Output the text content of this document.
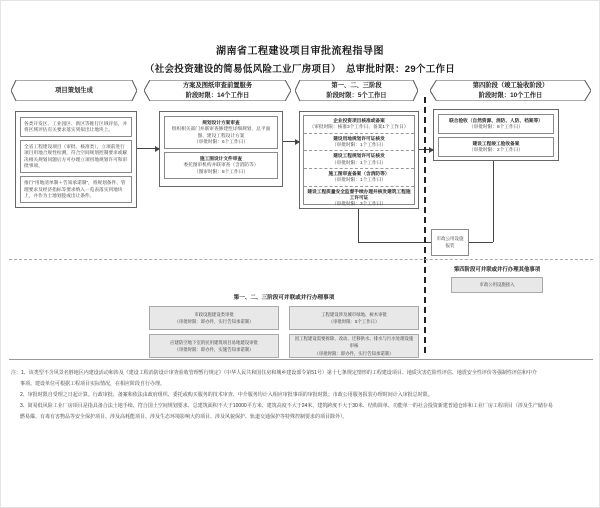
湖南省工程建设项目审批流程指导图
（社会投资建设的简易低风险工业厂房项目）　总审批时限：29个工作日
项目策划生成
方案及图纸审查前置服务
阶段时限：14个工作日
第一、二、三阶段
阶段时限：5个工作日
第四阶段（竣工验收阶段）
阶段时限：10个工作日
各类开发区、工业园区、新区等推行区域评估，并将区域评估有关要求落实到拟出让地块上。
全省工程建设项目（审批、核准类），立项前进行项目用地合规性检测，符合空间规划控制要求或解决相关规划问题后方可办理立项用地规划许可和审批事项。
推行“用地清单制＋告知承诺制”，将规划条件、管理要求及经济指标等要求纳入一览表落实到地块上，并作为土地划拨或出让条件。
规划设计方案审查
组织相关部门并联审查修建性详细规划、总平面图、建设工程设计方案
（审批时限：6个工作日）
施工图设计文件审查
委托图审机构并联审查（含消防等）
（图审时限：8个工作日）
企业投资项目核准或备案
（审批时限：核准3个工作日、备案1个工作日）
建设用地规划许可证核发
（审批时限：1个工作日）
建设工程规划许可证核发
（审批时限：1个工作日）
施工图审查备案（含消防等）
（审批时限：1个工作日）
建设工程质量安全监督手续办理并核发建筑工程施工许可证
（审批时限：3个工作日）
联合验收（自然资源、消防、人防、档案等）
（审批时限：8个工作日）
建设工程竣工验收备案
（审批时限：2个工作日）
市政公用设施
报装
第四阶段可并联或并行办理其他事项
市政公用设施接入
第一、二、三阶段可并联或并行办理事项
市政设施建设类审批
（审批时限：即办件，实行告知承诺制）
工程建设涉及城市绿地、树木审批
（审批时限：5个工作日）
应建防空地下室的民用建筑项目易地建设审批
（审批时限：即办件，实施告知承诺制）
因工程建设需要拆除、改动、迁移供水、排水与污水处理设施审核
（审批时限：即办件，实行告知承诺制）
注：1、该类型不含风景名胜地区内建设活动和涉及《建设工程消防设计审查验收管理暂行规定》（中华人民共和国住房和城乡建设部令第51号）第十七条规定情形的工程建设项目、地质灾害危险性评估、地震安全性评价等强制性评估和中介
事项。建设单位可根据工程项目实际情况，在相应阶段自行办理。
2、审批时限自受理之日起计算。行政审批、备案和依法由政府组织、委托或购买服务的技术审查、中介服务均计入相应审批事项的审批时限；市政公用服务报装办理时间计入审批总时限。
3、简易低风险工业厂房项目是指具备合法土地手续、符合国土空间规划要求、总建筑面积不大于10000平方米、建筑高度不大于24米、建筑跨度不大于30米、结构简单、功能单一的社会投资新建普通仓库和工业厂房工程项目（涉及生产储存易
燃易爆、有毒有害物品等安全保护项目、涉及高耗能项目、涉及生态环境影响大的项目、涉及风貌保护、轨道交通保护等特殊控制要求的项目除外）。
